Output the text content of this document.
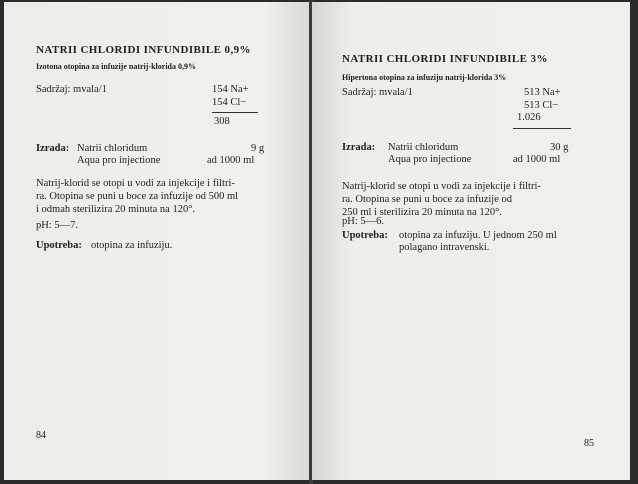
NATRII CHLORIDI INFUNDIBILE 0,9%
Izotona otopina za infuzije natrij-klorida 0,9%
Sadržaj: mvala/1	154 Na+
154 Cl−
308
Izrada: Natrii chloridum	9 g
Aqua pro injectione	ad 1000 ml
Natrij-klorid se otopi u vodi za injekcije i filtri-
ra. Otopina se puni u boce za infuzije od 500 ml
i odmah sterilizira 20 minuta na 120°.
pH: 5—7.
Upotreba: otopina za infuziju.
84
NATRII CHLORIDI INFUNDIBILE 3%
Hipertona otopina za infuziju natrij-klorida 3%
Sadržaj: mvala/1	513 Na+
513 Cl−
1.026
Izrada: Natrii chloridum	30 g
Aqua pro injectione	ad 1000 ml
Natrij-klorid se otopi u vodi za injekcije i filtri-
ra. Otopina se puni u boce za infuzije od
250 ml i sterilizira 20 minuta na 120°.
pH: 5—6.
Upotreba: otopina za infuziju. U jednom 250 ml
polagano intravenski.
85
